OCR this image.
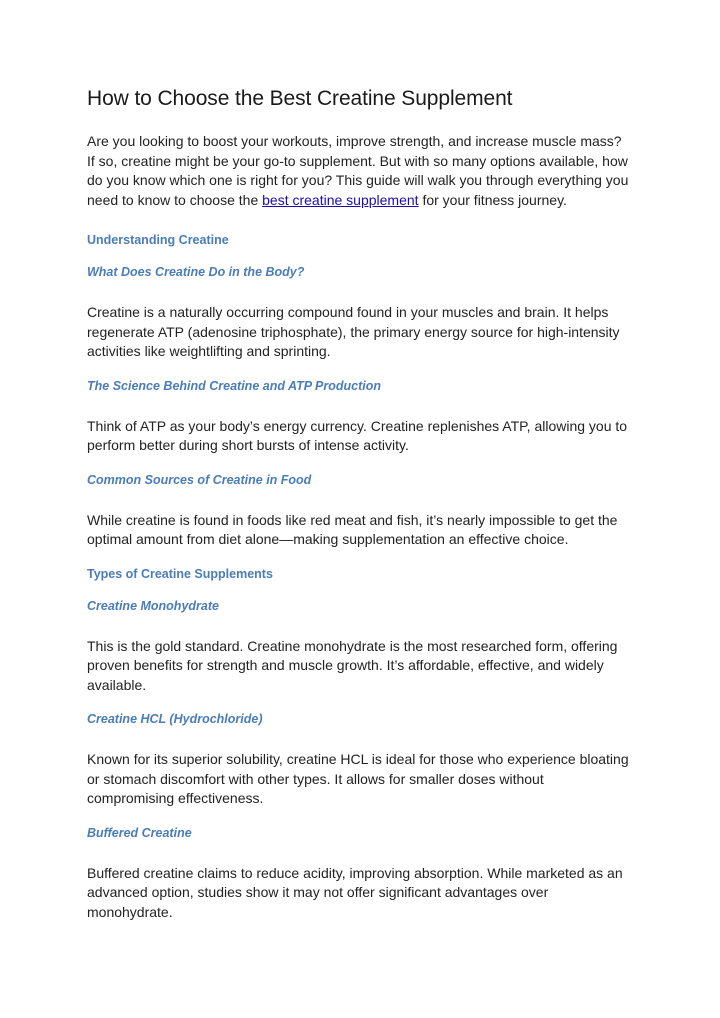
How to Choose the Best Creatine Supplement

Are you looking to boost your workouts, improve strength, and increase muscle mass? If so, creatine might be your go-to supplement. But with so many options available, how do you know which one is right for you? This guide will walk you through everything you need to know to choose the best creatine supplement for your fitness journey.

Understanding Creatine
What Does Creatine Do in the Body?

Creatine is a naturally occurring compound found in your muscles and brain. It helps regenerate ATP (adenosine triphosphate), the primary energy source for high-intensity activities like weightlifting and sprinting.

The Science Behind Creatine and ATP Production

Think of ATP as your body’s energy currency. Creatine replenishes ATP, allowing you to perform better during short bursts of intense activity.

Common Sources of Creatine in Food

While creatine is found in foods like red meat and fish, it’s nearly impossible to get the optimal amount from diet alone—making supplementation an effective choice.

Types of Creatine Supplements
Creatine Monohydrate

This is the gold standard. Creatine monohydrate is the most researched form, offering proven benefits for strength and muscle growth. It’s affordable, effective, and widely available.

Creatine HCL (Hydrochloride)

Known for its superior solubility, creatine HCL is ideal for those who experience bloating or stomach discomfort with other types. It allows for smaller doses without compromising effectiveness.

Buffered Creatine

Buffered creatine claims to reduce acidity, improving absorption. While marketed as an advanced option, studies show it may not offer significant advantages over monohydrate.
